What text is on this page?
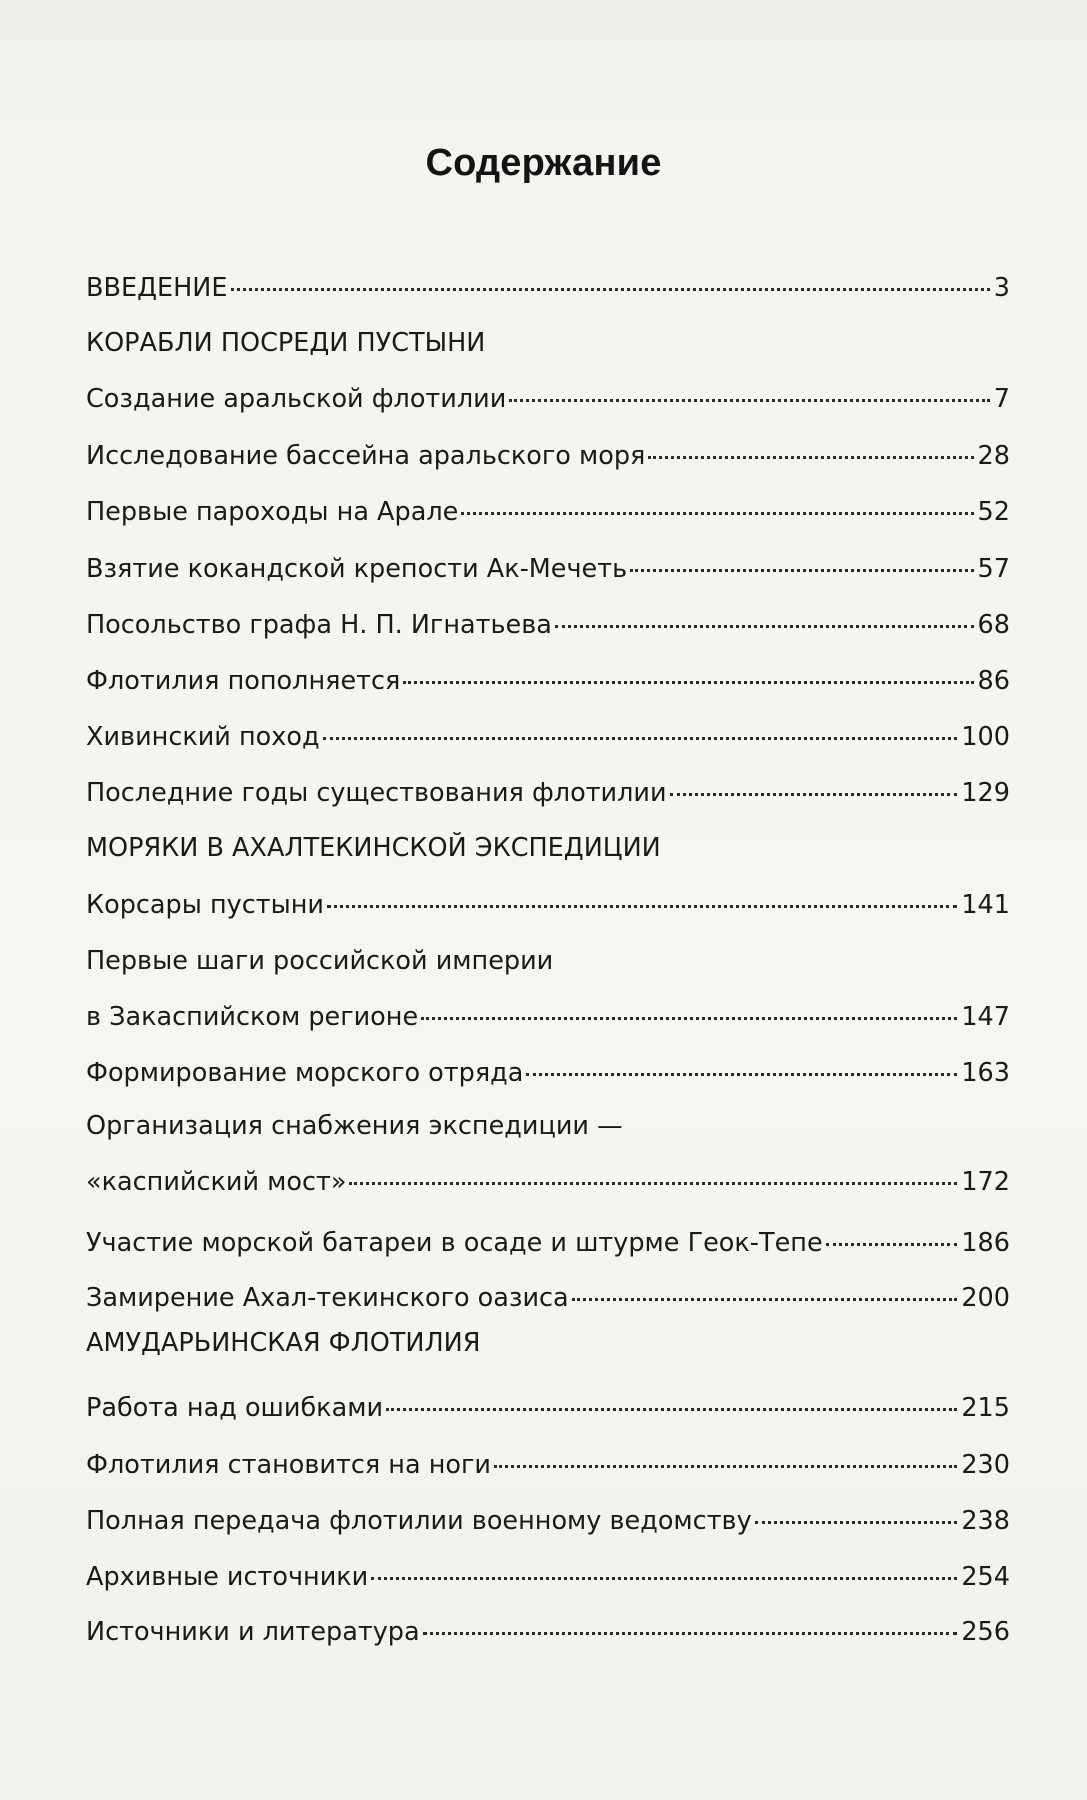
Содержание
ВВЕДЕНИЕ	3
КОРАБЛИ ПОСРЕДИ ПУСТЫНИ
Создание аральской флотилии	7
Исследование бассейна аральского моря	28
Первые пароходы на Арале	52
Взятие кокандской крепости Ак-Мечеть	57
Посольство графа Н. П. Игнатьева	68
Флотилия пополняется	86
Хивинский поход	100
Последние годы существования флотилии	129
МОРЯКИ В АХАЛТЕКИНСКОЙ ЭКСПЕДИЦИИ
Корсары пустыни	141
Первые шаги российской империи
в Закаспийском регионе	147
Формирование морского отряда	163
Организация снабжения экспедиции —
«каспийский мост»	172
Участие морской батареи в осаде и штурме Геок-Тепе	186
Замирение Ахал-текинского оазиса	200
АМУДАРЬИНСКАЯ ФЛОТИЛИЯ
Работа над ошибками	215
Флотилия становится на ноги	230
Полная передача флотилии военному ведомству	238
Архивные источники	254
Источники и литература	256
